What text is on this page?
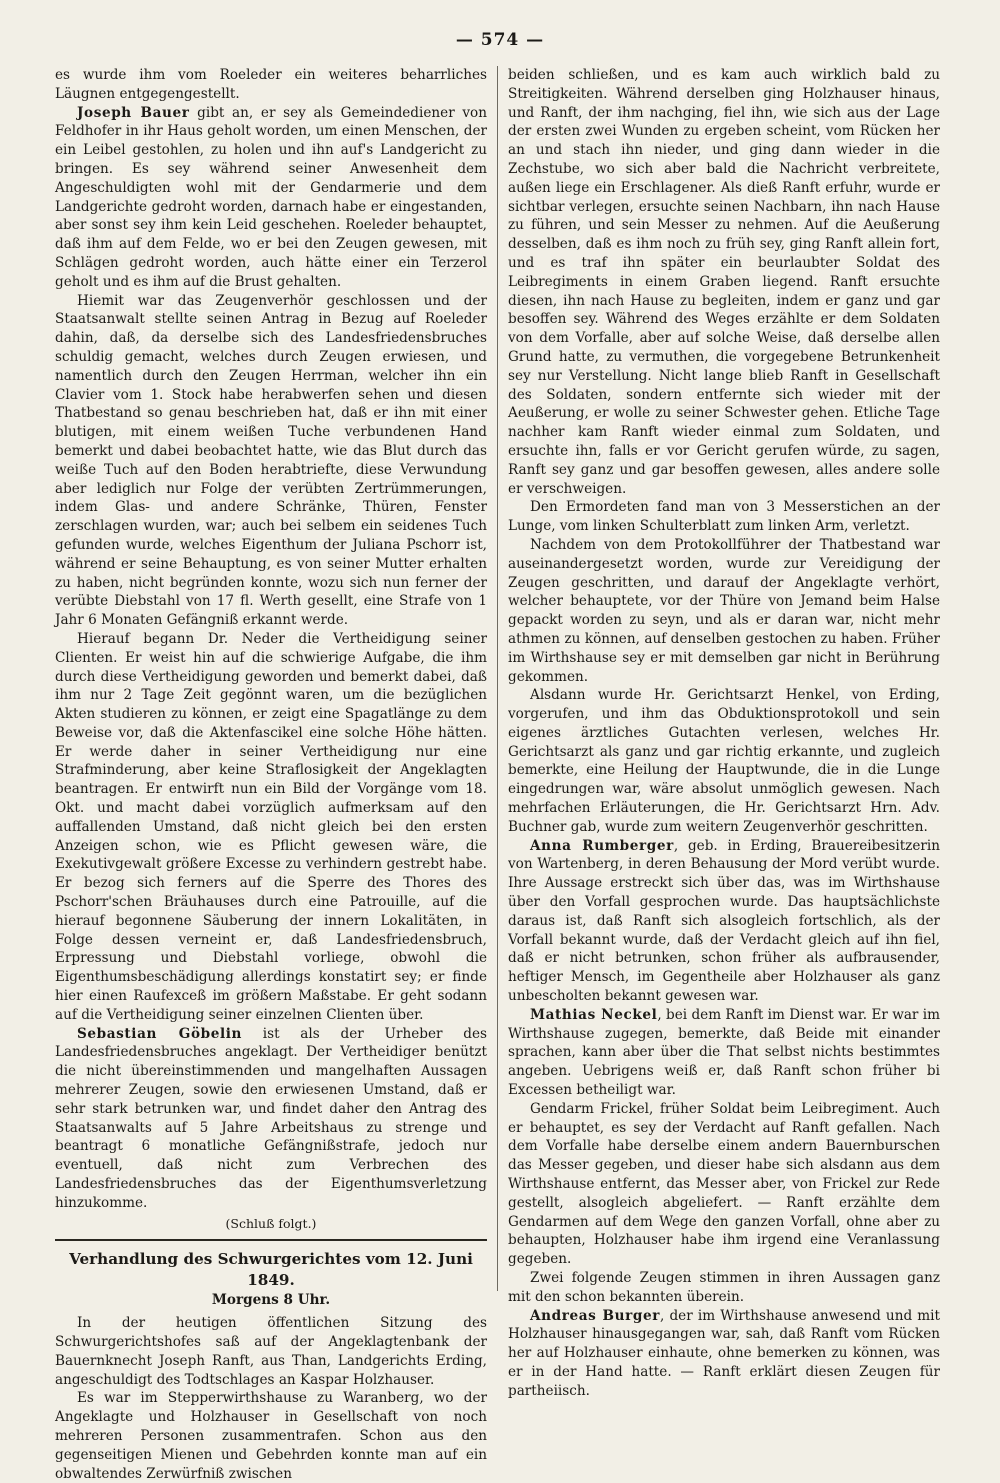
— 574 —

es wurde ihm vom Roeleder ein weiteres beharrliches Läugnen entgegengestellt.

Joseph Bauer gibt an, er sey als Gemeindediener von Feldhofer in ihr Haus geholt worden, um einen Menschen, der ein Leibel gestohlen, zu holen und ihn auf's Landgericht zu bringen. Es sey während seiner Anwesenheit dem Angeschuldigten wohl mit der Gendarmerie und dem Landgerichte gedroht worden, darnach habe er eingestanden, aber sonst sey ihm kein Leid geschehen. Roeleder behauptet, daß ihm auf dem Felde, wo er bei den Zeugen gewesen, mit Schlägen gedroht worden, auch hätte einer ein Terzerol geholt und es ihm auf die Brust gehalten.

Hiemit war das Zeugenverhör geschlossen und der Staatsanwalt stellte seinen Antrag in Bezug auf Roeleder dahin, daß, da derselbe sich des Landesfriedensbruches schuldig gemacht, welches durch Zeugen erwiesen, und namentlich durch den Zeugen Herrman, welcher ihn ein Clavier vom 1. Stock habe herabwerfen sehen und diesen Thatbestand so genau beschrieben hat, daß er ihn mit einer blutigen, mit einem weißen Tuche verbundenen Hand bemerkt und dabei beobachtet hatte, wie das Blut durch das weiße Tuch auf den Boden herabtriefte, diese Verwundung aber lediglich nur Folge der verübten Zertrümmerungen, indem Glas- und andere Schränke, Thüren, Fenster zerschlagen wurden, war; auch bei selbem ein seidenes Tuch gefunden wurde, welches Eigenthum der Juliana Pschorr ist, während er seine Behauptung, es von seiner Mutter erhalten zu haben, nicht begründen konnte, wozu sich nun ferner der verübte Diebstahl von 17 fl. Werth gesellt, eine Strafe von 1 Jahr 6 Monaten Gefängniß erkannt werde.

Hierauf begann Dr. Neder die Vertheidigung seiner Clienten. Er weist hin auf die schwierige Aufgabe, die ihm durch diese Vertheidigung geworden und bemerkt dabei, daß ihm nur 2 Tage Zeit gegönnt waren, um die bezüglichen Akten studieren zu können, er zeigt eine Spagatlänge zu dem Beweise vor, daß die Aktenfascikel eine solche Höhe hätten. Er werde daher in seiner Vertheidigung nur eine Strafminderung, aber keine Straflosigkeit der Angeklagten beantragen. Er entwirft nun ein Bild der Vorgänge vom 18. Okt. und macht dabei vorzüglich aufmerksam auf den auffallenden Umstand, daß nicht gleich bei den ersten Anzeigen schon, wie es Pflicht gewesen wäre, die Exekutivgewalt größere Excesse zu verhindern gestrebt habe. Er bezog sich ferners auf die Sperre des Thores des Pschorr'schen Bräuhauses durch eine Patrouille, auf die hierauf begonnene Säuberung der innern Lokalitäten, in Folge dessen verneint er, daß Landesfriedensbruch, Erpressung und Diebstahl vorliege, obwohl die Eigenthumsbeschädigung allerdings konstatirt sey; er finde hier einen Raufexceß im größern Maßstabe. Er geht sodann auf die Vertheidigung seiner einzelnen Clienten über.

Sebastian Göbelin ist als der Urheber des Landesfriedensbruches angeklagt. Der Vertheidiger benützt die nicht übereinstimmenden und mangelhaften Aussagen mehrerer Zeugen, sowie den erwiesenen Umstand, daß er sehr stark betrunken war, und findet daher den Antrag des Staatsanwalts auf 5 Jahre Arbeitshaus zu strenge und beantragt 6 monatliche Gefängnißstrafe, jedoch nur eventuell, daß nicht zum Verbrechen des Landesfriedensbruches das der Eigenthumsverletzung hinzukomme.

(Schluß folgt.)

Verhandlung des Schwurgerichtes vom 12. Juni 1849.

Morgens 8 Uhr.

In der heutigen öffentlichen Sitzung des Schwurgerichtshofes saß auf der Angeklagtenbank der Bauernknecht Joseph Ranft, aus Than, Landgerichts Erding, angeschuldigt des Todtschlages an Kaspar Holzhauser.

Es war im Stepperwirthshause zu Waranberg, wo der Angeklagte und Holzhauser in Gesellschaft von noch mehreren Personen zusammentrafen. Schon aus den gegenseitigen Mienen und Gebehrden konnte man auf ein obwaltendes Zerwürfniß zwischen

beiden schließen, und es kam auch wirklich bald zu Streitigkeiten. Während derselben ging Holzhauser hinaus, und Ranft, der ihm nachging, fiel ihn, wie sich aus der Lage der ersten zwei Wunden zu ergeben scheint, vom Rücken her an und stach ihn nieder, und ging dann wieder in die Zechstube, wo sich aber bald die Nachricht verbreitete, außen liege ein Erschlagener. Als dieß Ranft erfuhr, wurde er sichtbar verlegen, ersuchte seinen Nachbarn, ihn nach Hause zu führen, und sein Messer zu nehmen. Auf die Aeußerung desselben, daß es ihm noch zu früh sey, ging Ranft allein fort, und es traf ihn später ein beurlaubter Soldat des Leibregiments in einem Graben liegend. Ranft ersuchte diesen, ihn nach Hause zu begleiten, indem er ganz und gar besoffen sey. Während des Weges erzählte er dem Soldaten von dem Vorfalle, aber auf solche Weise, daß derselbe allen Grund hatte, zu vermuthen, die vorgegebene Betrunkenheit sey nur Verstellung. Nicht lange blieb Ranft in Gesellschaft des Soldaten, sondern entfernte sich wieder mit der Aeußerung, er wolle zu seiner Schwester gehen. Etliche Tage nachher kam Ranft wieder einmal zum Soldaten, und ersuchte ihn, falls er vor Gericht gerufen würde, zu sagen, Ranft sey ganz und gar besoffen gewesen, alles andere solle er verschweigen.

Den Ermordeten fand man von 3 Messerstichen an der Lunge, vom linken Schulterblatt zum linken Arm, verletzt.

Nachdem von dem Protokollführer der Thatbestand war auseinandergesetzt worden, wurde zur Vereidigung der Zeugen geschritten, und darauf der Angeklagte verhört, welcher behauptete, vor der Thüre von Jemand beim Halse gepackt worden zu seyn, und als er daran war, nicht mehr athmen zu können, auf denselben gestochen zu haben. Früher im Wirthshause sey er mit demselben gar nicht in Berührung gekommen.

Alsdann wurde Hr. Gerichtsarzt Henkel, von Erding, vorgerufen, und ihm das Obduktionsprotokoll und sein eigenes ärztliches Gutachten verlesen, welches Hr. Gerichtsarzt als ganz und gar richtig erkannte, und zugleich bemerkte, eine Heilung der Hauptwunde, die in die Lunge eingedrungen war, wäre absolut unmöglich gewesen. Nach mehrfachen Erläuterungen, die Hr. Gerichtsarzt Hrn. Adv. Buchner gab, wurde zum weitern Zeugenverhör geschritten.

Anna Rumberger, geb. in Erding, Brauereibesitzerin von Wartenberg, in deren Behausung der Mord verübt wurde. Ihre Aussage erstreckt sich über das, was im Wirthshause über den Vorfall gesprochen wurde. Das hauptsächlichste daraus ist, daß Ranft sich alsogleich fortschlich, als der Vorfall bekannt wurde, daß der Verdacht gleich auf ihn fiel, daß er nicht betrunken, schon früher als aufbrausender, heftiger Mensch, im Gegentheile aber Holzhauser als ganz unbescholten bekannt gewesen war.

Mathias Neckel, bei dem Ranft im Dienst war. Er war im Wirthshause zugegen, bemerkte, daß Beide mit einander sprachen, kann aber über die That selbst nichts bestimmtes angeben. Uebrigens weiß er, daß Ranft schon früher bi Excessen betheiligt war.

Gendarm Frickel, früher Soldat beim Leibregiment. Auch er behauptet, es sey der Verdacht auf Ranft gefallen. Nach dem Vorfalle habe derselbe einem andern Bauernburschen das Messer gegeben, und dieser habe sich alsdann aus dem Wirthshause entfernt, das Messer aber, von Frickel zur Rede gestellt, alsogleich abgeliefert. — Ranft erzählte dem Gendarmen auf dem Wege den ganzen Vorfall, ohne aber zu behaupten, Holzhauser habe ihm irgend eine Veranlassung gegeben.

Zwei folgende Zeugen stimmen in ihren Aussagen ganz mit den schon bekannten überein.

Andreas Burger, der im Wirthshause anwesend und mit Holzhauser hinausgegangen war, sah, daß Ranft vom Rücken her auf Holzhauser einhaute, ohne bemerken zu können, was er in der Hand hatte. — Ranft erklärt diesen Zeugen für partheiisch.
